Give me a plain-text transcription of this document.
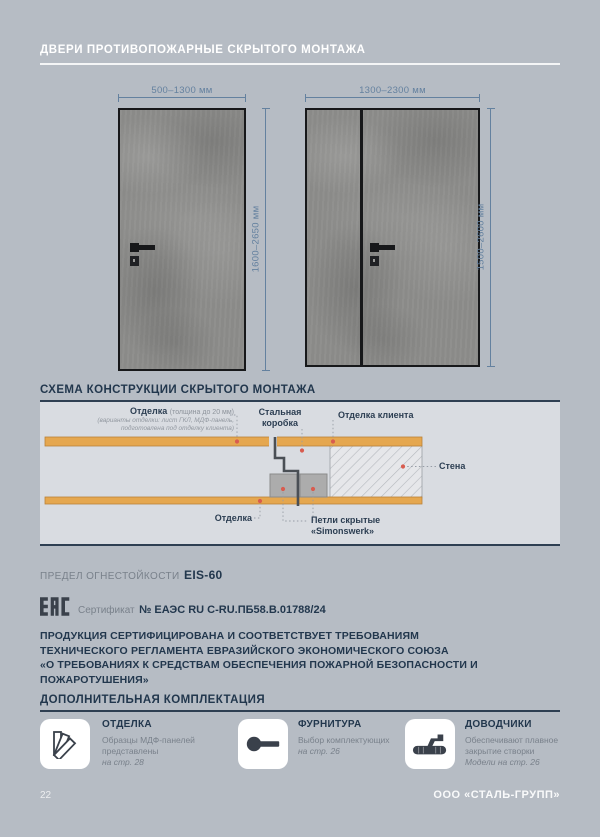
ДВЕРИ ПРОТИВОПОЖАРНЫЕ СКРЫТОГО МОНТАЖА
500–1300 мм
1600–2650 мм
1300–2300 мм
1500–2600 мм
СХЕМА КОНСТРУКЦИИ СКРЫТОГО МОНТАЖА
Отделка (толщина до 20 мм)
(варианты отделки: лист ГКЛ, МДФ-панель,
подготовлена под отделку клиента)
Стальная
коробка
Отделка клиента
Стена
Отделка	Петли скрытые
«Simonswerk»
ПРЕДЕЛ ОГНЕСТОЙКОСТИ EIS-60
Сертификат № ЕАЭС RU С-RU.ПБ58.В.01788/24
ПРОДУКЦИЯ СЕРТИФИЦИРОВАНА И СООТВЕТСТВУЕТ ТРЕБОВАНИЯМ
ТЕХНИЧЕСКОГО РЕГЛАМЕНТА ЕВРАЗИЙСКОГО ЭКОНОМИЧЕСКОГО СОЮЗА
«О ТРЕБОВАНИЯХ К СРЕДСТВАМ ОБЕСПЕЧЕНИЯ ПОЖАРНОЙ БЕЗОПАСНОСТИ И ПОЖАРОТУШЕНИЯ»
ДОПОЛНИТЕЛЬНАЯ КОМПЛЕКТАЦИЯ
ОТДЕЛКА
Образцы МДФ-панелей
представлены
на стр. 28
ФУРНИТУРА
Выбор комплектующих
на стр. 26
ДОВОДЧИКИ
Обеспечивают плавное
закрытие створки
Модели на стр. 26
22	ООО «СТАЛЬ-ГРУПП»
